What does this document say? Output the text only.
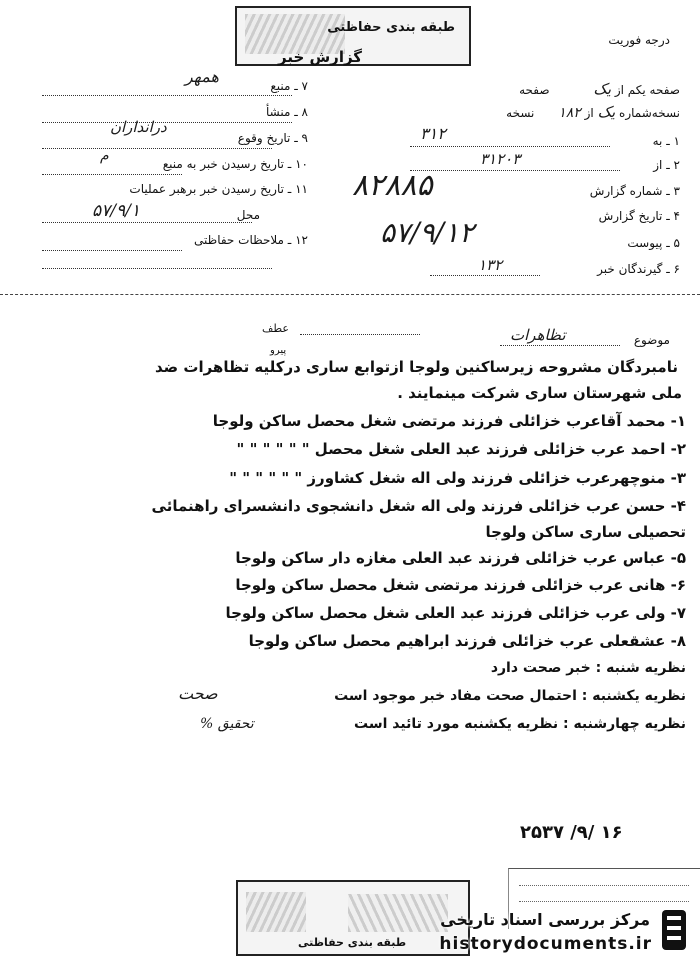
طبقه بندی حفاظتی
گزارش خبر
درجه فوریت
۷ ـ منبع
همهر
۸ ـ منشأ
۹ ـ تاریخ وقوع
درانداران
۱۰ ـ تاریخ رسیدن خبر به منبع
م
۱۱ ـ تاریخ رسیدن خبر برهبر عملیات
محل
۵۷/۹/۱
۱۲ ـ ملاحظات حفاظتی
صفحه یکم از یک صفحه
نسخه‌شماره یک از ۱۸۲ نسخه
۱ ـ به
۳۱۲
۲ ـ از
۳۱۲۰۳
۳ ـ شماره گزارش
۸۲۸۸۵
۴ ـ تاریخ گزارش
۵۷/۹/۱۲	۵ ـ پیوست
۶ ـ گیرندگان خبر
۱۳۲
موضوع
تظاهرات
عطف
پیرو
نامبردگان مشروحه زیرساکنین ولوجا ازتوابع ساری درکلیه تظاهرات ضد
ملی شهرستان ساری شرکت مینمایند .
۱- محمد آقاعرب خزائلی فرزند مرتضی شغل محصل ساکن ولوجا
۲- احمد عرب خزائلی فرزند عبد العلی شغل محصل " " " " " "
۳- منوچهرعرب خزائلی فرزند ولی اله شغل کشاورز " " " " " "
۴- حسن عرب خزائلی فرزند ولی اله شغل دانشجوی دانشسرای راهنمائی
تحصیلی ساری ساکن ولوجا
۵- عباس عرب خزائلی فرزند عبد العلی مغازه دار ساکن ولوجا
۶- هانی عرب خزائلی فرزند مرتضی شغل محصل ساکن ولوجا
۷- ولی عرب خزائلی فرزند عبد العلی شغل محصل ساکن ولوجا
۸- عشقعلی عرب خزائلی فرزند ابراهیم محصل ساکن ولوجا
نظریه شنبه : خبر صحت دارد
نظریه یکشنبه : احتمال صحت مفاد خبر موجود است
نظریه چهارشنبه : نظریه یکشنبه مورد تائید است
صحت
% تحقیق
۲۵۳۷ /۹/ ۱۶
طبقه بندی حفاظتی
مرکز بررسی اسناد تاریخی
historydocuments.ir
